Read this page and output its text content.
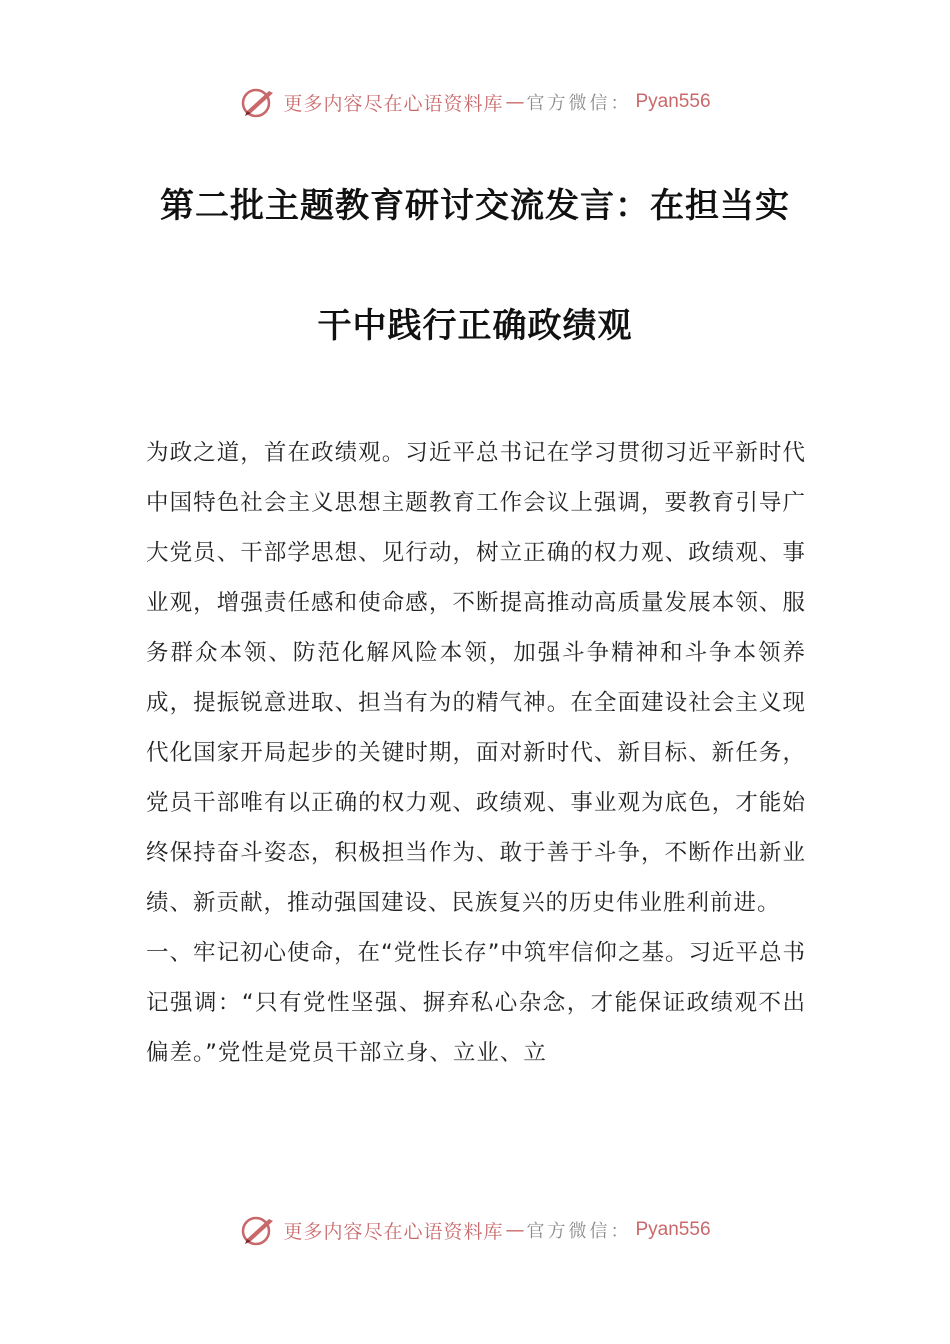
更多内容尽在心语资料库 — 官方微信： Pyan556
第二批主题教育研讨交流发言：在担当实
干中践行正确政绩观

为政之道，首在政绩观。习近平总书记在学习贯彻习近平新时代中国特色社会主义思想主题教育工作会议上强调，要教育引导广大党员、干部学思想、见行动，树立正确的权力观、政绩观、事业观，增强责任感和使命感，不断提高推动高质量发展本领、服务群众本领、防范化解风险本领，加强斗争精神和斗争本领养成，提振锐意进取、担当有为的精气神。在全面建设社会主义现代化国家开局起步的关键时期，面对新时代、新目标、新任务，党员干部唯有以正确的权力观、政绩观、事业观为底色，才能始终保持奋斗姿态，积极担当作为、敢于善于斗争，不断作出新业绩、新贡献，推动强国建设、民族复兴的历史伟业胜利前进。

一、牢记初心使命，在“党性长存”中筑牢信仰之基。习近平总书记强调：“只有党性坚强、摒弃私心杂念，才能保证政绩观不出偏差。”党性是党员干部立身、立业、立

更多内容尽在心语资料库 — 官方微信： Pyan556
